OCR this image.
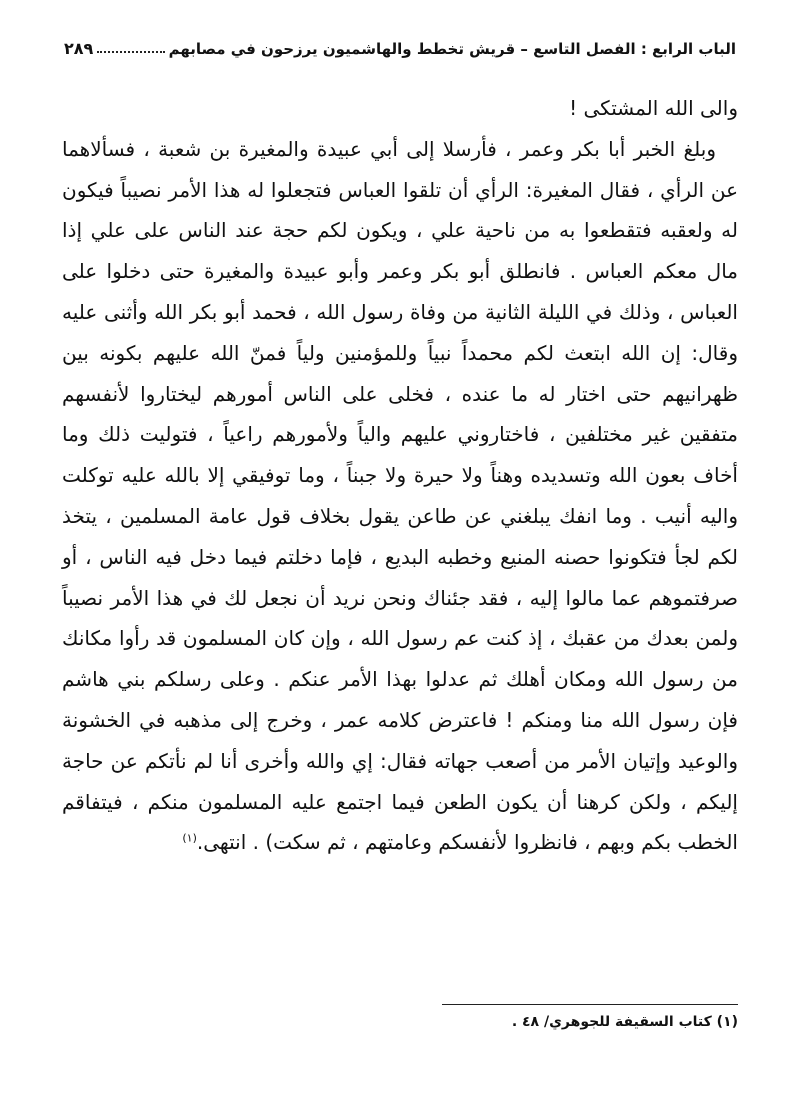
الباب الرابع : الفصل التاسع – قريش تخطط والهاشميون يرزحون في مصابهم
٢٨٩

والى الله المشتكى !

وبلغ الخبر أبا بكر وعمر ، فأرسلا إلى أبي عبيدة والمغيرة بن شعبة ، فسألاهما عن الرأي ، فقال المغيرة: الرأي أن تلقوا العباس فتجعلوا له هذا الأمر نصيباً فيكون له ولعقبه فتقطعوا به من ناحية علي ، ويكون لكم حجة عند الناس على علي إذا مال معكم العباس . فانطلق أبو بكر وعمر وأبو عبيدة والمغيرة حتى دخلوا على العباس ، وذلك في الليلة الثانية من وفاة رسول الله ، فحمد أبو بكر الله وأثنى عليه وقال: إن الله ابتعث لكم محمداً نبياً وللمؤمنين ولياً فمنّ الله عليهم بكونه بين ظهرانيهم حتى اختار له ما عنده ، فخلى على الناس أمورهم ليختاروا لأنفسهم متفقين غير مختلفين ، فاختاروني عليهم والياً ولأمورهم راعياً ، فتوليت ذلك وما أخاف بعون الله وتسديده وهناً ولا حيرة ولا جبناً ، وما توفيقي إلا بالله عليه توكلت واليه أنيب . وما انفك يبلغني عن طاعن يقول بخلاف قول عامة المسلمين ، يتخذ لكم لجأ فتكونوا حصنه المنيع وخطبه البديع ، فإما دخلتم فيما دخل فيه الناس ، أو صرفتموهم عما مالوا إليه ، فقد جئناك ونحن نريد أن نجعل لك في هذا الأمر نصيباً ولمن بعدك من عقبك ، إذ كنت عم رسول الله ، وإن كان المسلمون قد رأوا مكانك من رسول الله ومكان أهلك ثم عدلوا بهذا الأمر عنكم . وعلى رسلكم بني هاشم فإن رسول الله منا ومنكم ! فاعترض كلامه عمر ، وخرج إلى مذهبه في الخشونة والوعيد وإتيان الأمر من أصعب جهاته فقال: إي والله وأخرى أنا لم نأتكم عن حاجة إليكم ، ولكن كرهنا أن يكون الطعن فيما اجتمع عليه المسلمون منكم ، فيتفاقم الخطب بكم وبهم ، فانظروا لأنفسكم وعامتهم ، ثم سكت) . انتهى.$^{(١)}$

(١) كتاب السقيفة للجوهري/ ٤٨ .
